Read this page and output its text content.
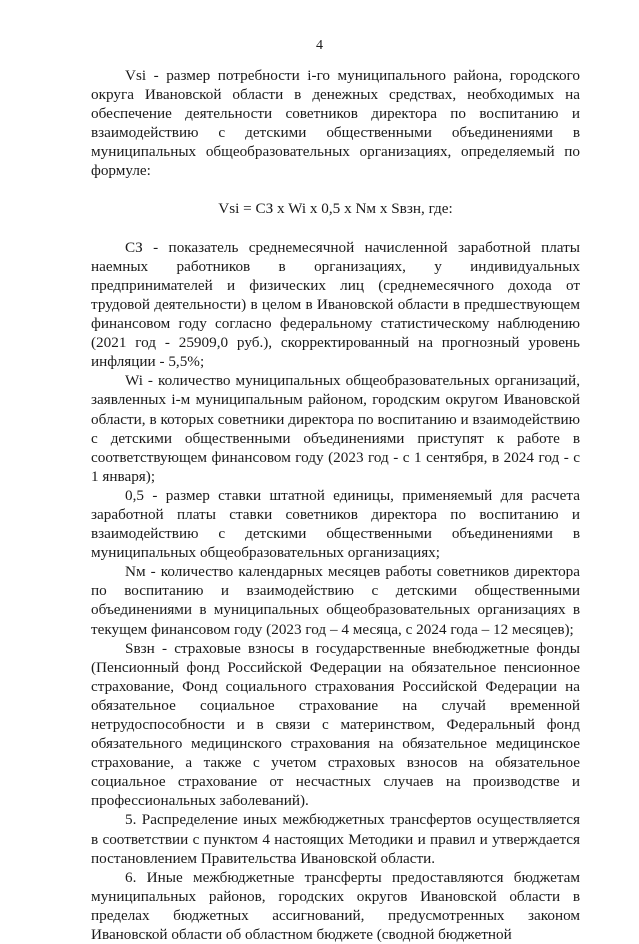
4

Vsi - размер потребности i-го муниципального района, городского округа Ивановской области в денежных средствах, необходимых на обеспечение деятельности советников директора по воспитанию и взаимодействию с детскими общественными объединениями в муниципальных общеобразовательных организациях, определяемый по формуле:

Vsi = СЗ x Wi x 0,5 x Nм x Sвзн, где:

СЗ - показатель среднемесячной начисленной заработной платы наемных работников в организациях, у индивидуальных предпринимателей и физических лиц (среднемесячного дохода от трудовой деятельности) в целом в Ивановской области в предшествующем финансовом году согласно федеральному статистическому наблюдению (2021 год - 25909,0 руб.), скорректированный на прогнозный уровень инфляции - 5,5%;

Wi - количество муниципальных общеобразовательных организаций, заявленных i-м муниципальным районом, городским округом Ивановской области, в которых советники директора по воспитанию и взаимодействию с детскими общественными объединениями приступят к работе в соответствующем финансовом году (2023 год - с 1 сентября, в 2024 год - с 1 января);

0,5 - размер ставки штатной единицы, применяемый для расчета заработной платы ставки советников директора по воспитанию и взаимодействию с детскими общественными объединениями в муниципальных общеобразовательных организациях;

Nм - количество календарных месяцев работы советников директора по воспитанию и взаимодействию с детскими общественными объединениями в муниципальных общеобразовательных организациях в текущем финансовом году (2023 год – 4 месяца, с 2024 года – 12 месяцев);

Sвзн - страховые взносы в государственные внебюджетные фонды (Пенсионный фонд Российской Федерации на обязательное пенсионное страхование, Фонд социального страхования Российской Федерации на обязательное социальное страхование на случай временной нетрудоспособности и в связи с материнством, Федеральный фонд обязательного медицинского страхования на обязательное медицинское страхование, а также с учетом страховых взносов на обязательное социальное страхование от несчастных случаев на производстве и профессиональных заболеваний).

5. Распределение иных межбюджетных трансфертов осуществляется в соответствии с пунктом 4 настоящих Методики и правил и утверждается постановлением Правительства Ивановской области.

6. Иные межбюджетные трансферты предоставляются бюджетам муниципальных районов, городских округов Ивановской области в пределах бюджетных ассигнований, предусмотренных законом Ивановской области об областном бюджете (сводной бюджетной
